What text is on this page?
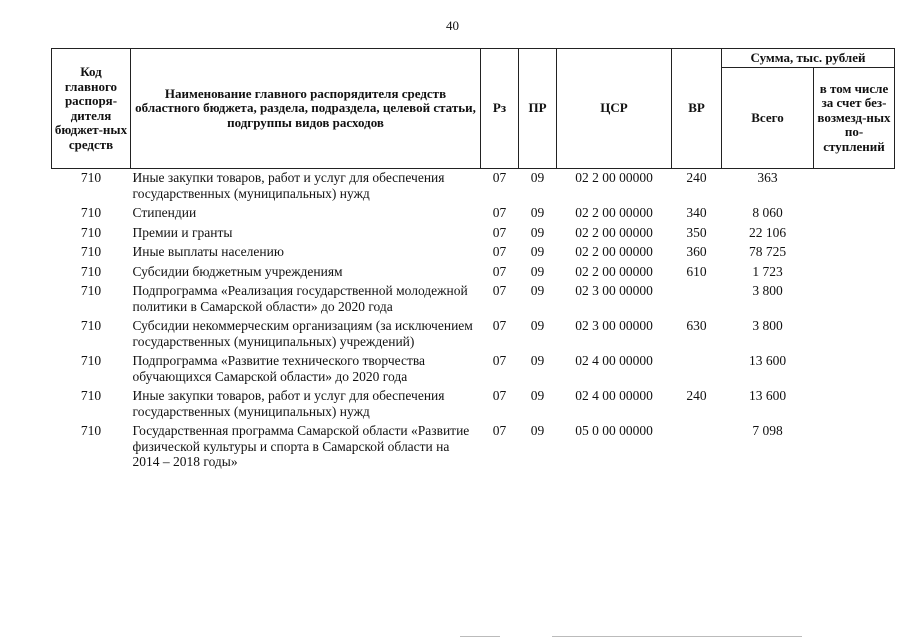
40
Код главного распоря-дителя бюджет-ных средств	Наименование главного распорядителя средств областного бюджета, раздела, подраздела, целевой статьи, подгруппы видов расходов	Рз	ПР	ЦСР	ВР	Сумма, тыс. рублей	
						Всего	в том числе за счет без-возмезд-ных по-ступлений
710	Иные закупки товаров, работ и услуг для обеспечения государственных (муниципальных) нужд	07	09	02 2 00 00000	240	363	
710	Стипендии	07	09	02 2 00 00000	340	8 060	
710	Премии и гранты	07	09	02 2 00 00000	350	22 106	
710	Иные выплаты населению	07	09	02 2 00 00000	360	78 725	
710	Субсидии бюджетным учреждениям	07	09	02 2 00 00000	610	1 723	
710	Подпрограмма «Реализация государственной молодежной политики в Самарской области» до 2020 года	07	09	02 3 00 00000		3 800	
710	Субсидии некоммерческим организациям (за исключением государственных (муниципальных) учреждений)	07	09	02 3 00 00000	630	3 800	
710	Подпрограмма «Развитие технического творчества обучающихся Самарской области» до 2020 года	07	09	02 4 00 00000		13 600	
710	Иные закупки товаров, работ и услуг для обеспечения государственных (муниципальных) нужд	07	09	02 4 00 00000	240	13 600	
710	Государственная программа Самарской области «Развитие физической культуры и спорта в Самарской области на 2014 – 2018 годы»	07	09	05 0 00 00000		7 098	
